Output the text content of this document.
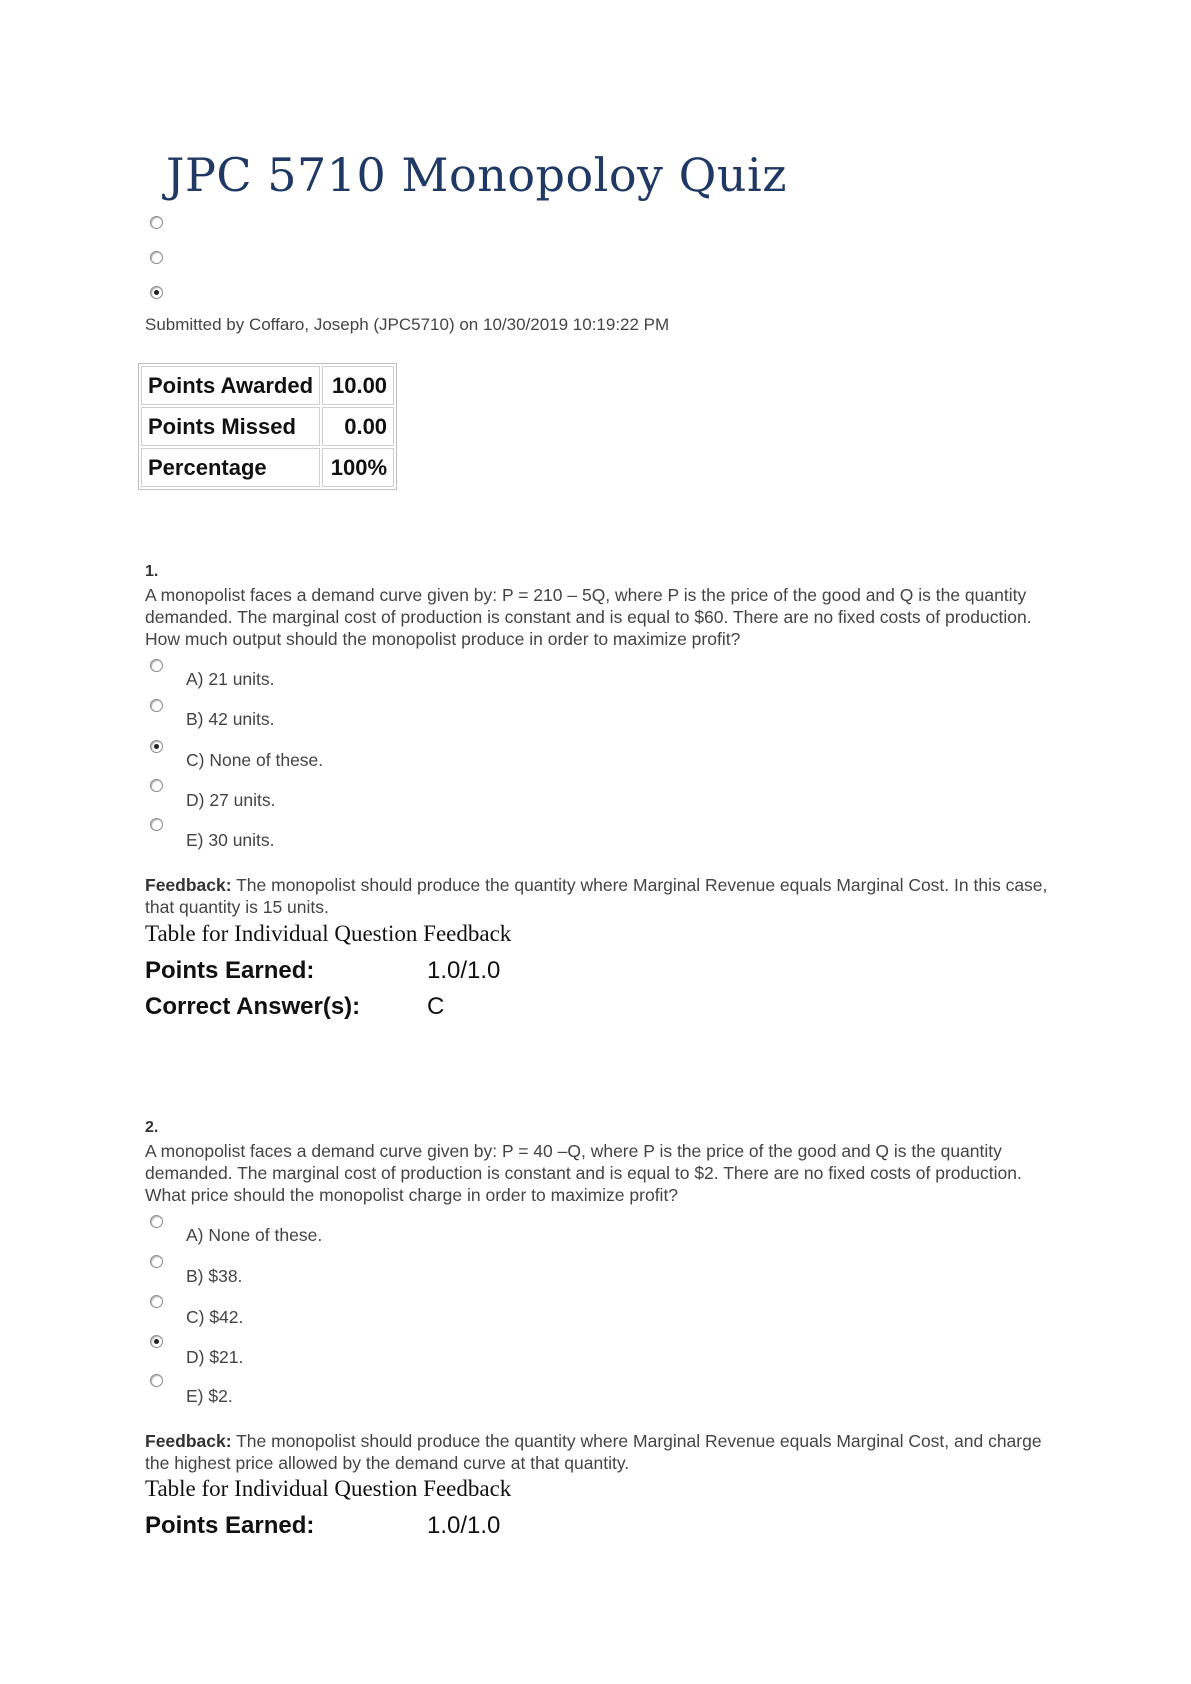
JPC 5710 Monopoloy Quiz
Submitted by Coffaro, Joseph (JPC5710) on 10/30/2019 10:19:22 PM
Points Awarded	10.00
Points Missed	0.00
Percentage	100%
1.
A monopolist faces a demand curve given by: P = 210 – 5Q, where P is the price of the good and Q is the quantity demanded. The marginal cost of production is constant and is equal to $60. There are no fixed costs of production. How much output should the monopolist produce in order to maximize profit?
A) 21 units.
B) 42 units.
C) None of these.
D) 27 units.
E) 30 units.
Feedback: The monopolist should produce the quantity where Marginal Revenue equals Marginal Cost. In this case, that quantity is 15 units.
Table for Individual Question Feedback
Points Earned:	1.0/1.0
Correct Answer(s):	C
2.
A monopolist faces a demand curve given by: P = 40 –Q, where P is the price of the good and Q is the quantity demanded. The marginal cost of production is constant and is equal to $2. There are no fixed costs of production. What price should the monopolist charge in order to maximize profit?
A) None of these.
B) $38.
C) $42.
D) $21.
E) $2.
Feedback: The monopolist should produce the quantity where Marginal Revenue equals Marginal Cost, and charge the highest price allowed by the demand curve at that quantity.
Table for Individual Question Feedback
Points Earned:	1.0/1.0
